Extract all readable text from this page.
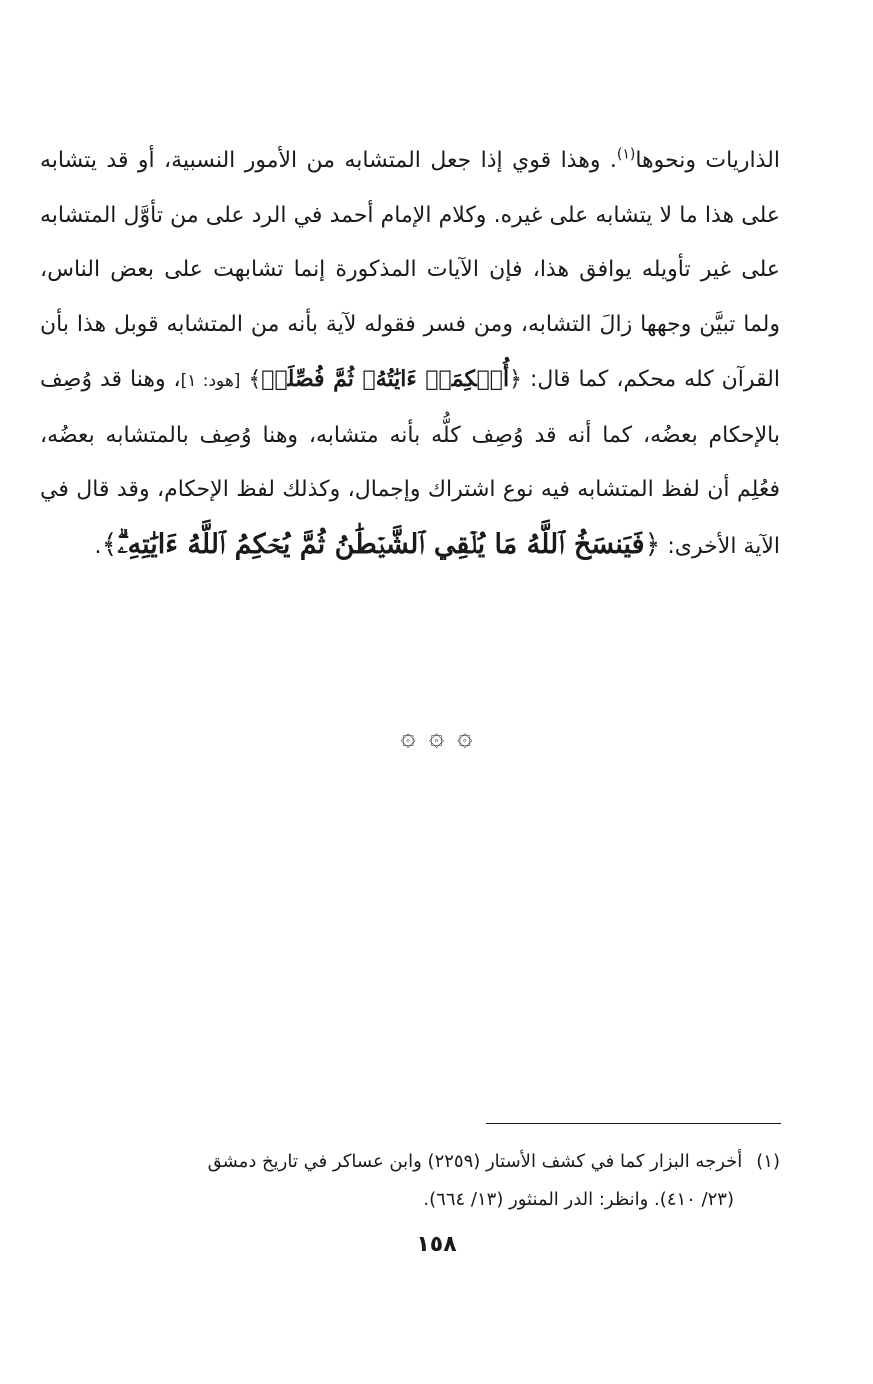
الذاريات ونحوها$^{(١)}$. وهذا قوي إذا جعل المتشابه من الأمور النسبية، أو قد يتشابه على هذا ما لا يتشابه على غيره. وكلام الإمام أحمد في الرد على من تأوَّل المتشابه على غير تأويله يوافق هذا، فإن الآيات المذكورة إنما تشابهت على بعض الناس، ولما تبيَّن وجهها زالَ التشابه، ومن فسر فقوله لآية بأنه من المتشابه قوبل هذا بأن القرآن كله محكم، كما قال: ﴿أُحۡكِمَتۡ ءَايَٰتُهُۥ ثُمَّ فُصِّلَتۡ﴾ [هود: ١]، وهنا قد وُصِف بالإحكام بعضُه، كما أنه قد وُصِف كلُّه بأنه متشابه، وهنا وُصِف بالمتشابه بعضُه، فعُلِم أن لفظ المتشابه فيه نوع اشتراك وإجمال، وكذلك لفظ الإحكام، وقد قال في الآية الأخرى: ﴿فَيَنسَخُ ٱللَّهُ مَا يُلۡقِي ٱلشَّيۡطَٰنُ ثُمَّ يُحۡكِمُ ٱللَّهُ ءَايَٰتِهِۦۗ﴾.

۞ ۞ ۞

(١)أخرجه البزار كما في كشف الأستار (٢٢٥٩) وابن عساكر في تاريخ دمشق
(٢٣/ ٤١٠). وانظر: الدر المنثور (١٣/ ٦٦٤).

١٥٨
